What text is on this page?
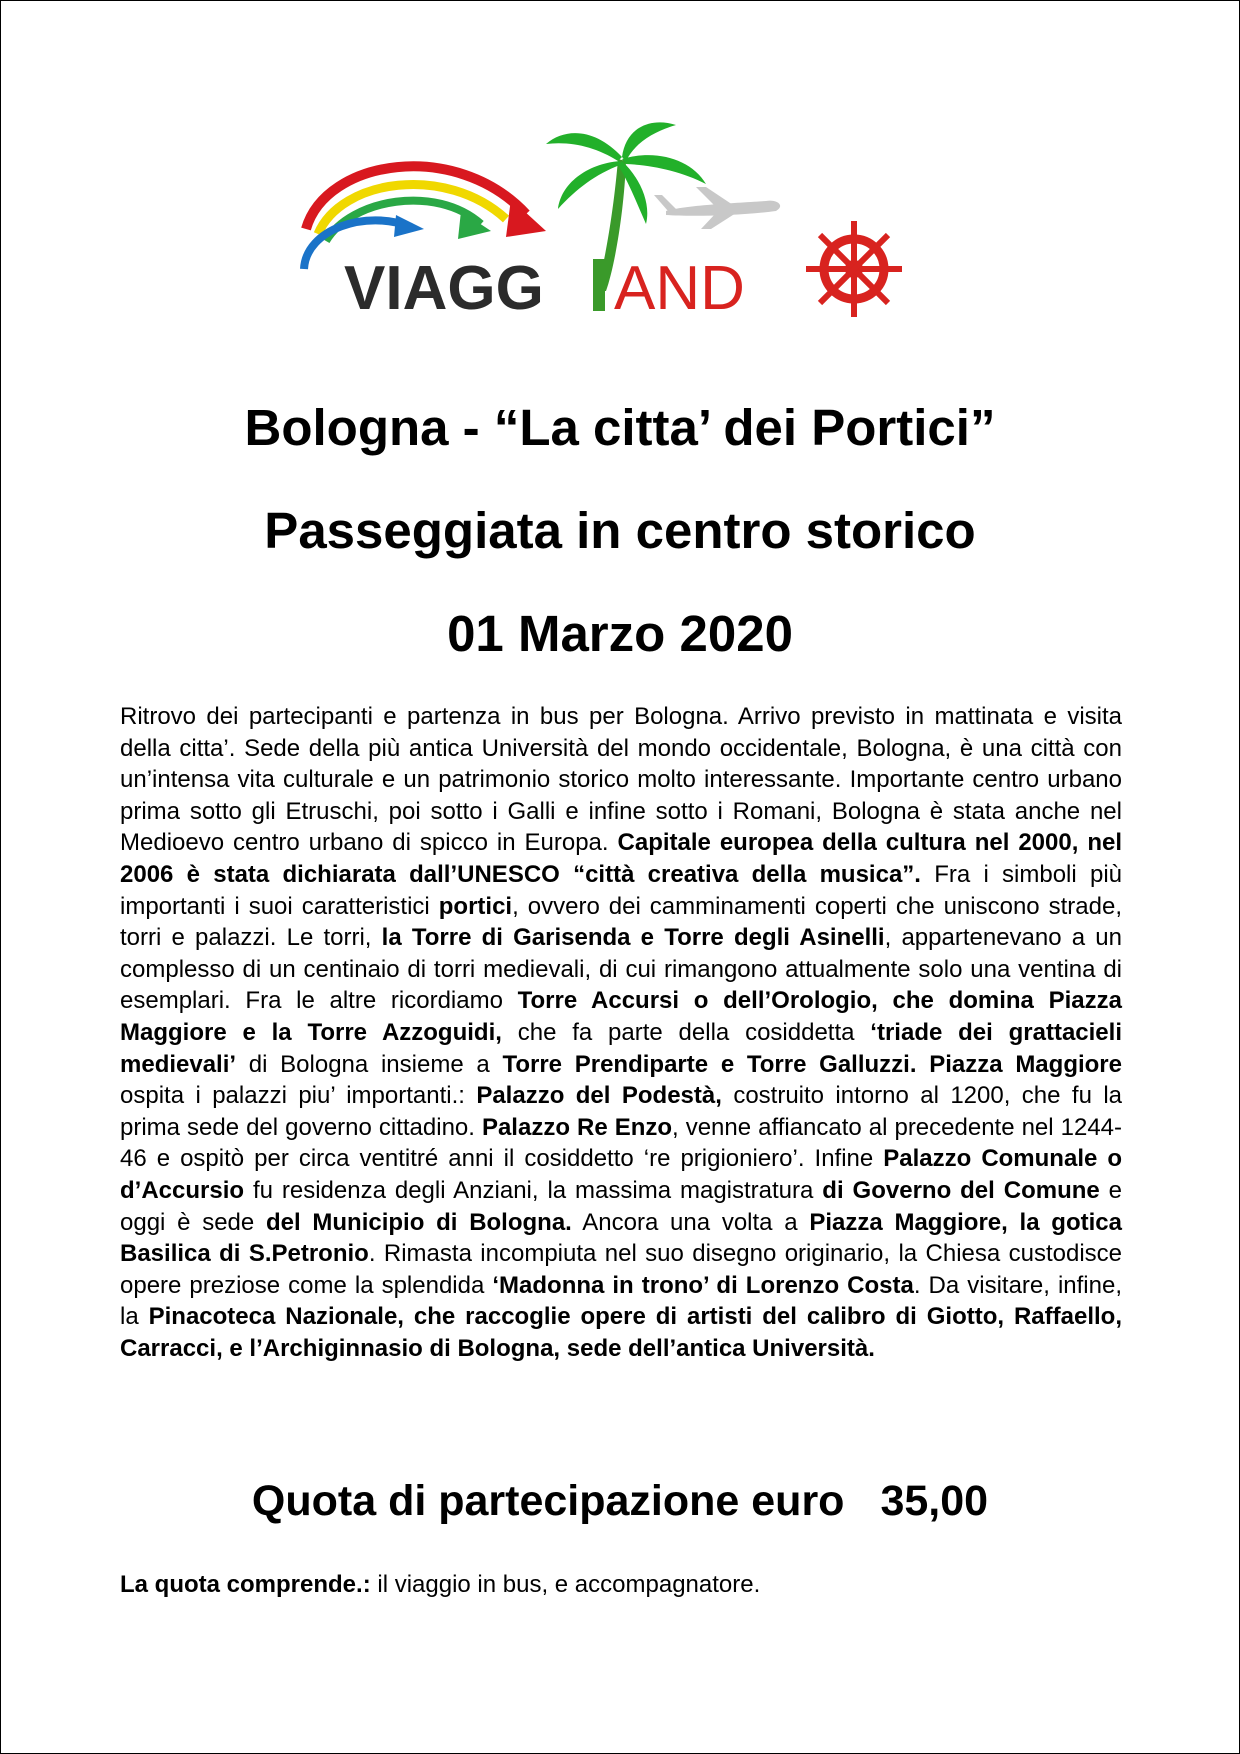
VIAGG AND
Bologna - “La citta’ dei Portici”
Passeggiata in centro storico
01 Marzo 2020

Ritrovo dei partecipanti e partenza in bus per Bologna. Arrivo previsto in mattinata e visita della citta’. Sede della più antica Università del mondo occidentale, Bologna, è una città con un’intensa vita culturale e un patrimonio storico molto interessante. Importante centro urbano prima sotto gli Etruschi, poi sotto i Galli e infine sotto i Romani, Bologna è stata anche nel Medioevo centro urbano di spicco in Europa. Capitale europea della cultura nel 2000, nel 2006 è stata dichiarata dall’UNESCO “città creativa della musica”. Fra i simboli più importanti i suoi caratteristici portici, ovvero dei camminamenti coperti che uniscono strade, torri e palazzi. Le torri, la Torre di Garisenda e Torre degli Asinelli, appartenevano a un complesso di un centinaio di torri medievali, di cui rimangono attualmente solo una ventina di esemplari. Fra le altre ricordiamo Torre Accursi o dell’Orologio, che domina Piazza Maggiore e la Torre Azzoguidi, che fa parte della cosiddetta ‘triade dei grattacieli medievali’ di Bologna insieme a Torre Prendiparte e Torre Galluzzi. Piazza Maggiore ospita i palazzi piu’ importanti.: Palazzo del Podestà, costruito intorno al 1200, che fu la prima sede del governo cittadino. Palazzo Re Enzo, venne affiancato al precedente nel 1244-46 e ospitò per circa ventitré anni il cosiddetto ‘re prigioniero’. Infine Palazzo Comunale o d’Accursio fu residenza degli Anziani, la massima magistratura di Governo del Comune e oggi è sede del Municipio di Bologna. Ancora una volta a Piazza Maggiore, la gotica Basilica di S.Petronio. Rimasta incompiuta nel suo disegno originario, la Chiesa custodisce opere preziose come la splendida ‘Madonna in trono’ di Lorenzo Costa. Da visitare, infine, la Pinacoteca Nazionale, che raccoglie opere di artisti del calibro di Giotto, Raffaello, Carracci, e l’Archiginnasio di Bologna, sede dell’antica Università.

Quota di partecipazione euro 35,00

La quota comprende.: il viaggio in bus, e accompagnatore.
